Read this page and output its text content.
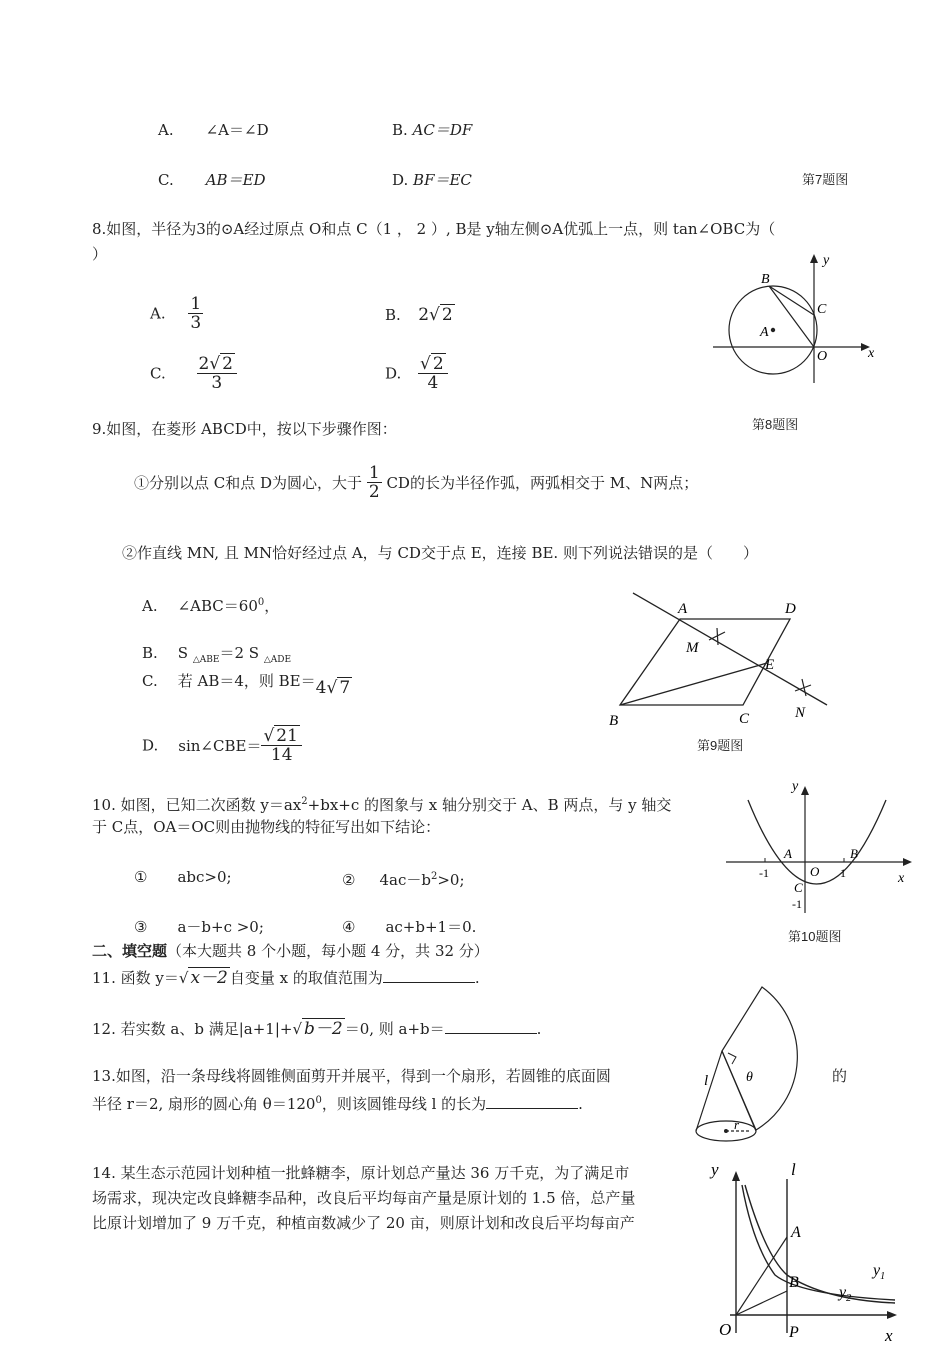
A. ∠A＝∠D	B. AC＝DF
C. AB＝ED	D. BF＝EC	第7题图
8.如图，半径为3的⊙A经过原点 O和点 C（1 ， 2 ）, B是 y轴左侧⊙A优弧上一点，则 tan∠OBC为（
）
A. $\frac{1}{3}$	B. 2√ 2
C. $\frac{2√ 2}{3}$	D. $\frac{√ 2}{4}$
B
C
A
O	x
y
第8题图
9.如图，在菱形 ABCD中，按以下步骤作图：
①分别以点 C和点 D为圆心，大于 $\frac{1}{2}$ CD的长为半径作弧，两弧相交于 M、N两点；
②作直线 MN, 且 MN恰好经过点 A，与 CD交于点 E，连接 BE. 则下列说法错误的是（　　）
A. $\angle ABC=60^0$，
B. S $_{\triangle ABE}$＝2 S $_{\triangle ADE}$
C. 若 AB＝4，则 BE＝4√ 7
D. sin∠CBE＝ $\frac{√ 21}{14}$
A	D
M
E
B	C	N
第9题图
10. 如图，已知二次函数 $y=ax^2+bx+c$ 的图象与 x 轴分别交于 A、B 两点，与 y 轴交
于 C点，OA＝OC则由抛物线的特征写出如下结论：
① abc>0;	② $4ac-b^2>0$;
③ a－b+c >0;	④ ac+b+1＝0.
y
x
A
O
B
C
-1	1
-1
第10题图
二、填空题（本大题共 8 个小题，每小题 4 分，共 32 分）
11. 函数 y＝√ x－2 自变量 x 的取值范围为	.
12. 若实数 a、b 满足|a+1|+√ b－2 ＝0, 则 a+b＝	.
13.如图，沿一条母线将圆锥侧面剪开并展平，得到一个扇形，若圆锥的底面圆	的
半径 r＝2, 扇形的圆心角 $\theta=120^0$，则该圆锥母线 l 的长为	.
θ
l
r
14. 某生态示范园计划种植一批蜂糖李，原计划总产量达 36 万千克，为了满足市
场需求，现决定改良蜂糖李品种，改良后平均每亩产量是原计划的 1.5 倍，总产量
比原计划增加了 9 万千克，种植亩数减少了 20 亩，则原计划和改良后平均每亩产
y	l
A
B
$y_1$
$y_2$
O	P	x
